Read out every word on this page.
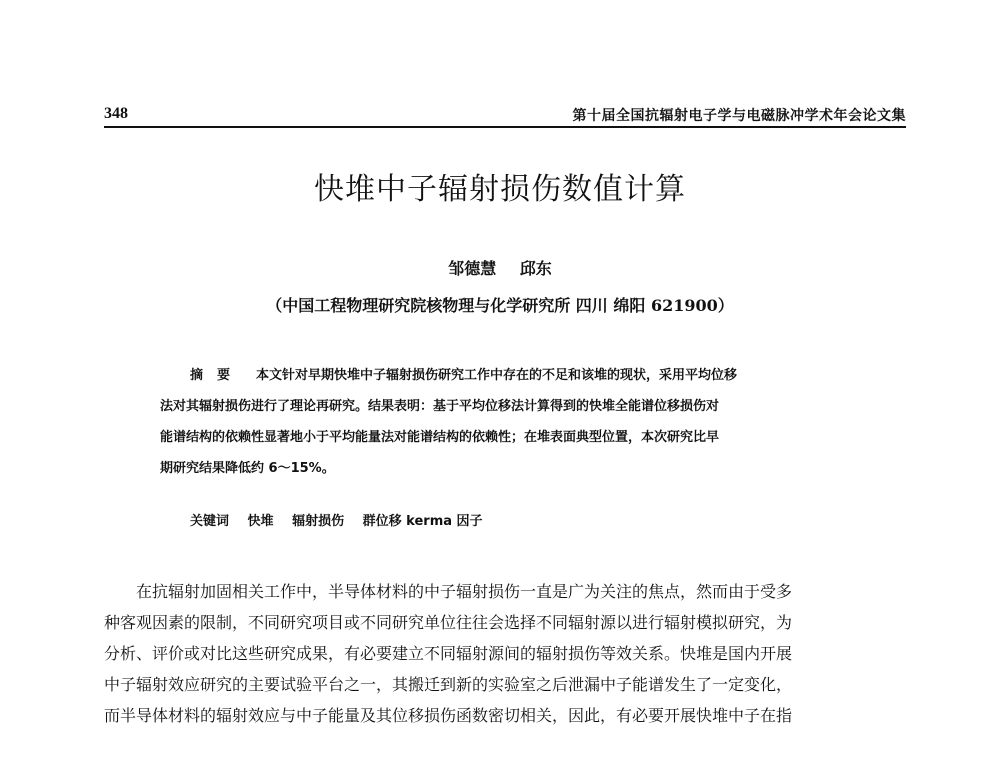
348	第十届全国抗辐射电子学与电磁脉冲学术年会论文集
快堆中子辐射损伤数值计算
邹德慧 邱东
（中国工程物理研究院核物理与化学研究所 四川 绵阳 621900）
摘要 本文针对早期快堆中子辐射损伤研究工作中存在的不足和该堆的现状，采用平均位移
法对其辐射损伤进行了理论再研究。结果表明：基于平均位移法计算得到的快堆全能谱位移损伤对
能谱结构的依赖性显著地小于平均能量法对能谱结构的依赖性；在堆表面典型位置，本次研究比早
期研究结果降低约 6～15%。
关键词 快堆 辐射损伤 群位移 kerma 因子
在抗辐射加固相关工作中，半导体材料的中子辐射损伤一直是广为关注的焦点，然而由于受多
种客观因素的限制，不同研究项目或不同研究单位往往会选择不同辐射源以进行辐射模拟研究，为
分析、评价或对比这些研究成果，有必要建立不同辐射源间的辐射损伤等效关系。快堆是国内开展
中子辐射效应研究的主要试验平台之一，其搬迁到新的实验室之后泄漏中子能谱发生了一定变化，
而半导体材料的辐射效应与中子能量及其位移损伤函数密切相关，因此，有必要开展快堆中子在指
